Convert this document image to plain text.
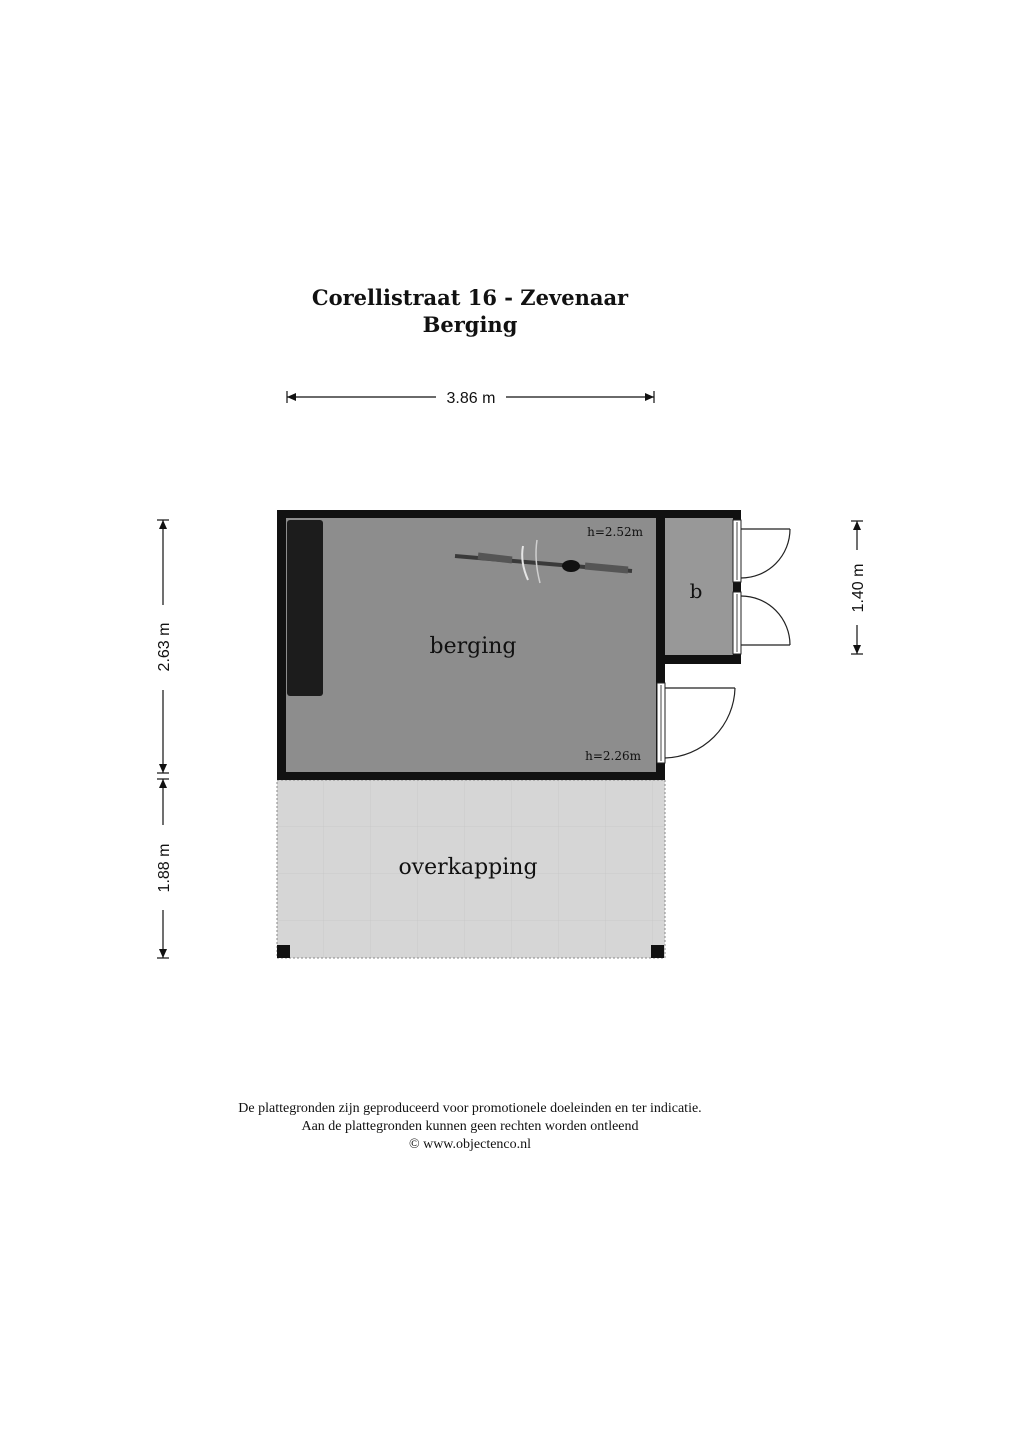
Corellistraat 16 - Zevenaar
Berging
3.86 m
2.63 m
1.88 m
1.40 m
berging
b
overkapping
h=2.52m
h=2.26m
De plattegronden zijn geproduceerd voor promotionele doeleinden en ter indicatie.
Aan de plattegronden kunnen geen rechten worden ontleend
© www.objectenco.nl
